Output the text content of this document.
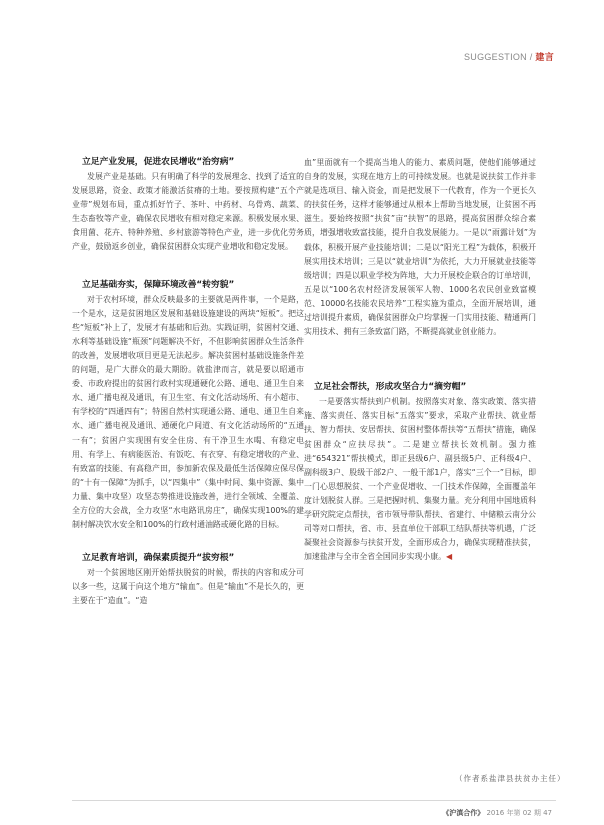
SUGGESTION / 建言

立足产业发展，促进农民增收“治穷病”

发展产业是基础。只有明确了科学的发展理念、找到了适宜的发展思路，资金、政策才能激活贫瘠的土地。要按照构建“五个产业带”规划布局，重点抓好竹子、茶叶、中药材、乌骨鸡、蔬菜、生态畜牧等产业，确保农民增收有相对稳定来源。积极发展水果、食用菌、花卉、特种养殖、乡村旅游等特色产业，进一步优化劳务产业，鼓励返乡创业，确保贫困群众实现产业增收和稳定发展。

立足基础夯实，保障环境改善“转穷貌”

对于农村环境，群众反映最多的主要就是两件事，一个是路，一个是水，这是贫困地区发展和基础设施建设的两块“短板”。把这些“短板”补上了，发展才有基础和后劲。实践证明，贫困村交通、水利等基础设施“瓶颈”问题解决不好，不但影响贫困群众生活条件的改善，发展增收项目更是无法起步。解决贫困村基础设施条件差的问题，是广大群众的最大期盼。就盐津而言，就是要以昭通市委、市政府提出的贫困行政村实现通硬化公路、通电、通卫生自来水、通广播电视及通讯，有卫生室、有文化活动场所、有小超市、有学校的“四通四有”；特困自然村实现通公路、通电、通卫生自来水、通广播电视及通讯、通硬化户间道、有文化活动场所的“五通一有”；贫困户实现围有安全住房、有干净卫生水喝、有稳定电用、有学上、有病能医治、有饭吃、有衣穿、有稳定增收的产业、有致富的技能、有高稳产田，参加新农保及最低生活保障应保尽保的“十有一保障”为抓手，以“四集中”（集中时间、集中资源、集中力量、集中攻坚）攻坚态势推进设施改善，进行全领域、全覆盖、全方位的大会战，全力攻坚“水电路讯房庄”，确保实现100%的建制村解决饮水安全和100%的行政村通油路或硬化路的目标。

立足教育培训，确保素质提升“拔穷根”

对一个贫困地区刚开始帮扶脱贫的时候，帮扶的内容和成分可以多一些，这属于向这个地方“输血”。但是“输血”不是长久的，更主要在于“造血”。“造

血”里面就有一个提高当地人的能力、素质问题，使他们能够通过自身的发展，实现在地方上的可持续发展。也就是说扶贫工作并非就是选项目、输入资金，而是把发展下一代教育，作为一个更长久的扶贫任务，这样才能够通过从根本上帮助当地发展，让贫困不再滋生。要始终按照“扶贫”亩“扶智”的思路，提高贫困群众综合素质，增强增收致富技能，提升自我发展能力。一是以“雨露计划”为载体，积极开展产业技能培训；二是以“阳光工程”为载体，积极开展实用技术培训；三是以“就业培训”为依托，大力开展就业技能等级培训；四是以职业学校为阵地，大力开展校企联合的订单培训，五是以“100名农村经济发展领军人物、1000名农民创业致富模范、10000名技能农民培养”工程实施为重点，全面开展培训，通过培训提升素质，确保贫困群众户均掌握一门实用技能、精通两门实用技术、拥有三条致富门路，不断提高就业创业能力。

立足社会帮扶，形成攻坚合力“摘穷帽”

一是要落实帮扶到户机制。按照落实对象、落实政策、落实措施、落实责任、落实目标“五落实”要求，采取产业帮扶、就业帮扶、智力帮扶、安居帮扶、贫困村整体帮扶等“五帮扶”措施，确保贫困群众“应扶尽扶”。二是建立帮扶长效机制。强力推进“654321”帮扶模式，即正县级6户、副县级5户、正科级4户、副科级3户、股级干部2户、一般干部1户，落实“三个一”目标，即一门心思想脱贫、一个产业促增收、一门技术作保障，全面覆盖年度计划脱贫人群。三是把握时机、集聚力量。充分利用中国地质科学研究院定点帮扶，省市领导带队帮扶、省建行、中储粮云南分公司等对口帮扶，省、市、县直单位干部职工结队帮扶等机遇，广泛凝聚社会资源参与扶贫开发，全面形成合力，确保实现精准扶贫，加速盐津与全市全省全国同步实现小康。◀

（作者系盐津县扶贫办主任）
《沪滇合作》 2016 年第 02 期 47
